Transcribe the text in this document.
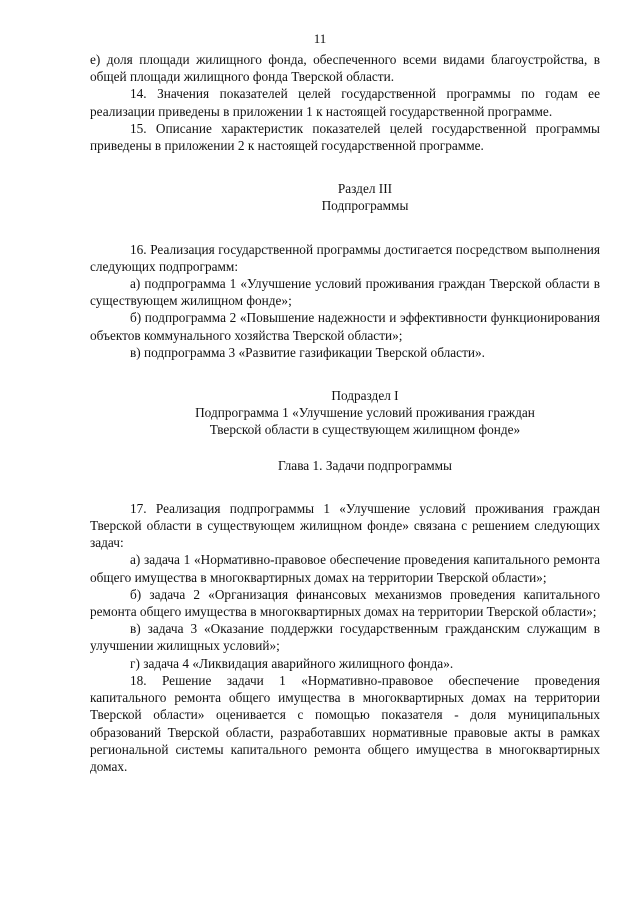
11

е) доля площади жилищного фонда, обеспеченного всеми видами благоустройства, в общей площади жилищного фонда Тверской области.

14. Значения показателей целей государственной программы по годам ее реализации приведены в приложении 1 к настоящей государственной программе.

15. Описание характеристик показателей целей государственной программы приведены в приложении 2 к настоящей государственной программе.

Раздел III

Подпрограммы

16. Реализация государственной программы достигается посредством выполнения следующих подпрограмм:

а) подпрограмма 1 «Улучшение условий проживания граждан Тверской области в существующем жилищном фонде»;

б) подпрограмма 2 «Повышение надежности и эффективности функционирования объектов коммунального хозяйства Тверской области»;

в) подпрограмма 3 «Развитие газификации Тверской области».

Подраздел I

Подпрограмма 1 «Улучшение условий проживания граждан

Тверской области в существующем жилищном фонде»

Глава 1. Задачи подпрограммы

17. Реализация подпрограммы 1 «Улучшение условий проживания граждан Тверской области в существующем жилищном фонде» связана с решением следующих задач:

а) задача 1 «Нормативно-правовое обеспечение проведения капитального ремонта общего имущества в многоквартирных домах на территории Тверской области»;

б) задача 2 «Организация финансовых механизмов проведения капитального ремонта общего имущества в многоквартирных домах на территории Тверской области»;

в) задача 3 «Оказание поддержки государственным гражданским служащим в улучшении жилищных условий»;

г) задача 4 «Ликвидация аварийного жилищного фонда».

18. Решение задачи 1 «Нормативно-правовое обеспечение проведения капитального ремонта общего имущества в многоквартирных домах на территории Тверской области» оценивается с помощью показателя - доля муниципальных образований Тверской области, разработавших нормативные правовые акты в рамках региональной системы капитального ремонта общего имущества в многоквартирных домах.
